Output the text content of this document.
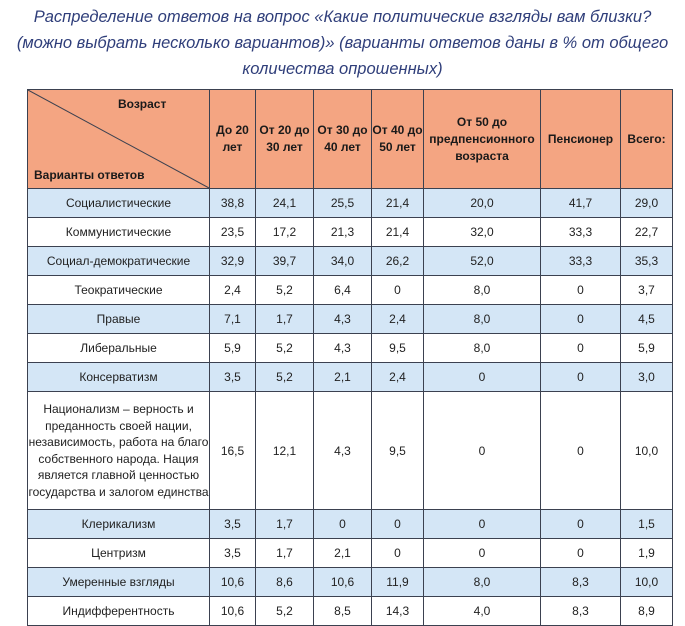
Распределение ответов на вопрос «Какие политические взгляды вам близки?
(можно выбрать несколько вариантов)» (варианты ответов даны в % от общего
количества опрошенных)
Возраст
Варианты ответов	До 20 лет	От 20 до 30 лет	От 30 до 40 лет	От 40 до 50 лет	От 50 до предпенсионного возраста	Пенсионер	Всего:
Социалистические	38,8	24,1	25,5	21,4	20,0	41,7	29,0
Коммунистические	23,5	17,2	21,3	21,4	32,0	33,3	22,7
Социал-демократические	32,9	39,7	34,0	26,2	52,0	33,3	35,3
Теократические	2,4	5,2	6,4	0	8,0	0	3,7
Правые	7,1	1,7	4,3	2,4	8,0	0	4,5
Либеральные	5,9	5,2	4,3	9,5	8,0	0	5,9
Консерватизм	3,5	5,2	2,1	2,4	0	0	3,0
Национализм – верность и преданность своей нации, независимость, работа на благо собственного народа. Нация является главной ценностью государства и залогом единства	16,5	12,1	4,3	9,5	0	0	10,0
Клерикализм	3,5	1,7	0	0	0	0	1,5
Центризм	3,5	1,7	2,1	0	0	0	1,9
Умеренные взгляды	10,6	8,6	10,6	11,9	8,0	8,3	10,0
Индифферентность	10,6	5,2	8,5	14,3	4,0	8,3	8,9
